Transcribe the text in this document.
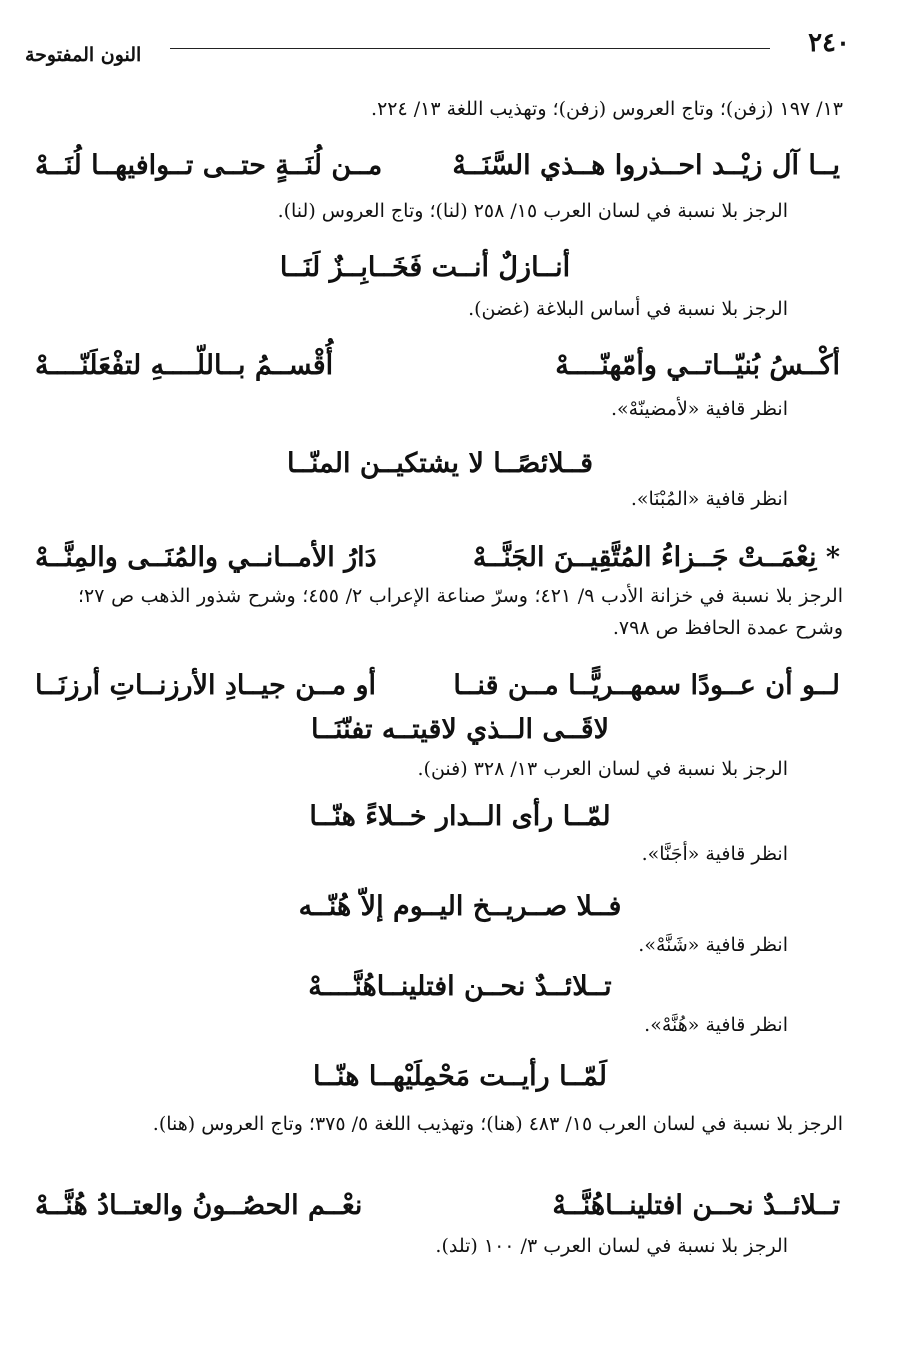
٢٤٠
النون المفتوحة
١٣/ ١٩٧ (زفن)؛ وتاج العروس (زفن)؛ وتهذيب اللغة ١٣/ ٢٢٤.
يــا آل زيْــد احــذروا هــذي السَّنَــهْ
مــن لُنَــةٍ حتــى تــوافيهــا لُنَــهْ
الرجز بلا نسبة في لسان العرب ١٥/ ٢٥٨ (لنا)؛ وتاج العروس (لنا).
أنــازلٌ أنــت فَخَــابِــزٌ لَنَــا
الرجز بلا نسبة في أساس البلاغة (غضن).
أكْــسُ بُنيّــاتــي وأمّهنّــــهْ
أُقْســمُ بــاللّــــهِ لتفْعَلَنّــــهْ
انظر قافية «لأمضينّهْ».
قــلائصًــا لا يشتكيــن المنّــا
انظر قافية «المُبْنَا».
* نِعْمَــتْ جَــزاءُ المُتَّقِيــنَ الجَنَّــهْ
دَارُ الأمــانــي والمُنَــى والمِنَّــهْ
الرجز بلا نسبة في خزانة الأدب ٩/ ٤٢١؛ وسرّ صناعة الإعراب ٢/ ٤٥٥؛ وشرح شذور الذهب ص ٢٧؛ وشرح عمدة الحافظ ص ٧٩٨.
لــو أن عــودًا سمهــريًّــا مــن قنــا
أو مــن جيــادِ الأرزنــاتِ أرزنَــا
لاقَــى الــذي لاقيتــه تفنّنَــا
الرجز بلا نسبة في لسان العرب ١٣/ ٣٢٨ (فنن).
لمّــا رأى الــدار خــلاءً هنّــا
انظر قافية «أجَنَّا».
فــلا صــريــخ اليــوم إلاّ هُنّــه
انظر قافية «شَنَّهْ».
تــلائــدٌ نحــن افتلينــاهُنَّــــهْ
انظر قافية «هُنَّهْ».
لَمّــا رأيــت مَحْمِلَيْهــا هنّــا
الرجز بلا نسبة في لسان العرب ١٥/ ٤٨٣ (هنا)؛ وتهذيب اللغة ٥/ ٣٧٥؛ وتاج العروس (هنا).
تــلائــدٌ نحــن افتلينــاهُنَّــهْ
نعْــم الحصُــونُ والعتــادُ هُنَّــهْ
الرجز بلا نسبة في لسان العرب ٣/ ١٠٠ (تلد).
